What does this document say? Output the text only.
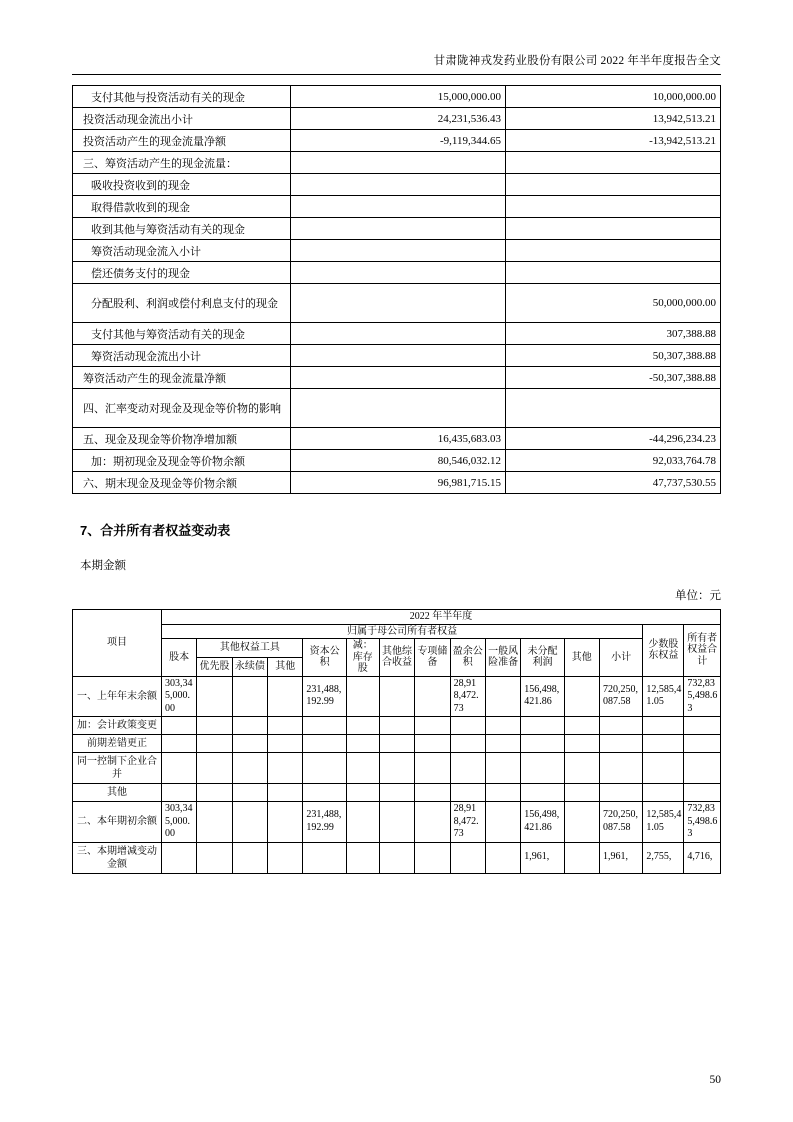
甘肃陇神戎发药业股份有限公司 2022 年半年度报告全文
支付其他与投资活动有关的现金	15,000,000.00	10,000,000.00
投资活动现金流出小计	24,231,536.43	13,942,513.21
投资活动产生的现金流量净额	-9,119,344.65	-13,942,513.21
三、筹资活动产生的现金流量：		
吸收投资收到的现金		
取得借款收到的现金		
收到其他与筹资活动有关的现金		
筹资活动现金流入小计		
偿还债务支付的现金		
分配股利、利润或偿付利息支付的现金		50,000,000.00
支付其他与筹资活动有关的现金		307,388.88
筹资活动现金流出小计		50,307,388.88
筹资活动产生的现金流量净额		-50,307,388.88
四、汇率变动对现金及现金等价物的影响		
五、现金及现金等价物净增加额	16,435,683.03	-44,296,234.23
加：期初现金及现金等价物余额	80,546,032.12	92,033,764.78
六、期末现金及现金等价物余额	96,981,715.15	47,737,530.55
7、合并所有者权益变动表
本期金额
单位：元
项目	2022 年半年度														
	归属于母公司所有者权益													少数股东权益	所有者权益合计
	股本	其他权益工具			资本公积	减：库存股	其他综合收益	专项储备	盈余公积	一般风险准备	未分配利润	其他	小计		
		优先股	永续债	其他											
一、上年年末余额	303,345,000.00				231,488,192.99				28,918,472.73		156,498,421.86		720,250,087.58	12,585,41.05	732,835,498.63
加：会计政策变更															
前期差错更正															
同一控制下企业合并															
其他															
二、本年期初余额	303,345,000.00				231,488,192.99				28,918,472.73		156,498,421.86		720,250,087.58	12,585,41.05	732,835,498.63
三、本期增减变动金额											1,961,		1,961,	2,755,	4,716,
50
